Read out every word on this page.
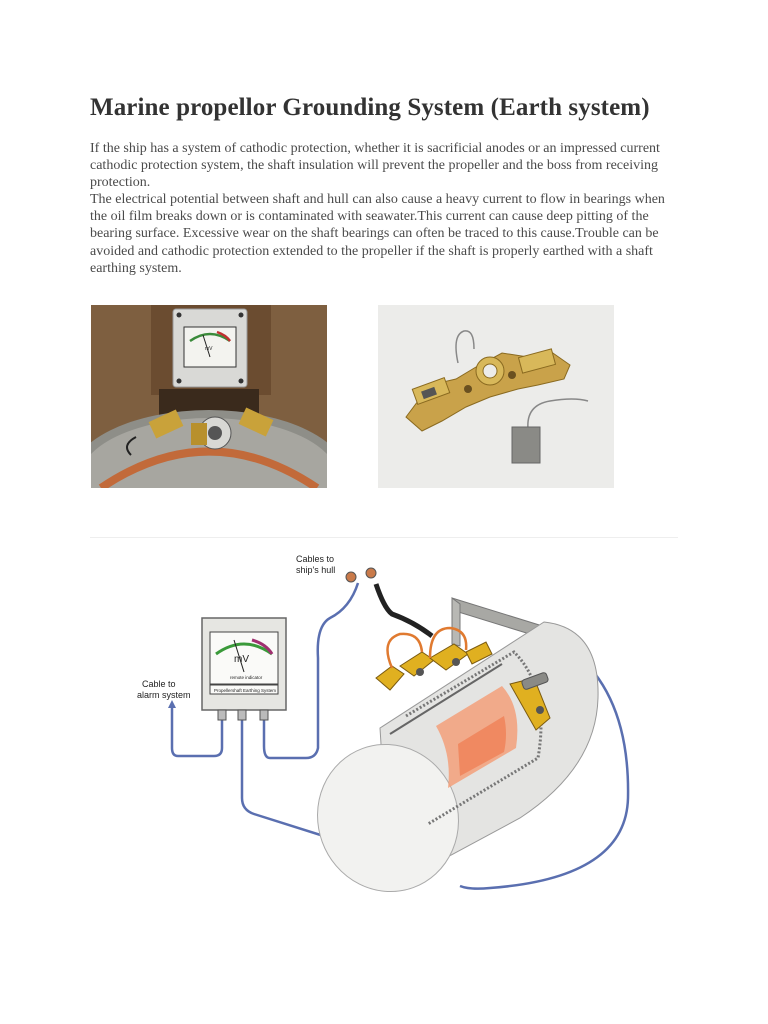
Marine propellor Grounding System (Earth system)

If the ship has a system of cathodic protection, whether it is sacrificial anodes or an impressed current cathodic protection system, the shaft insulation will prevent the propeller and the boss from receiving protection.

The electrical potential between shaft and hull can also cause a heavy current to flow in bearings when the oil film breaks down or is contaminated with seawater.This current can cause deep pitting of the bearing surface. Excessive wear on the shaft bearings can often be traced to this cause.Trouble can be avoided and cathodic protection extended to the propeller if the shaft is properly earthed with a shaft earthing system.

mV
Cables to
ship's hull
Cable to
alarm system
mV
remote indicator
Propellershaft Earthing System
